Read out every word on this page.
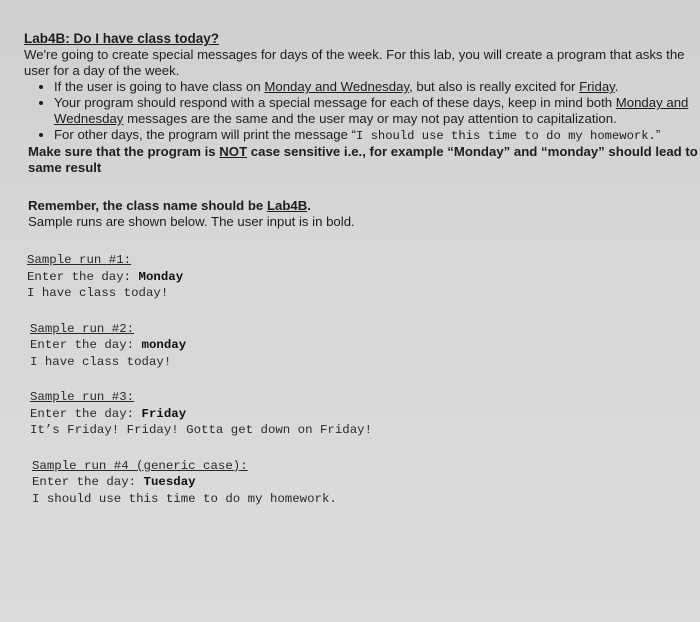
Lab4B: Do I have class today?

We're going to create special messages for days of the week. For this lab, you will create a program that asks the user for a day of the week.

• If the user is going to have class on Monday and Wednesday, but also is really excited for Friday.
• Your program should respond with a special message for each of these days, keep in mind both Monday and Wednesday messages are the same and the user may or may not pay attention to capitalization.
• For other days, the program will print the message “I should use this time to do my homework.”

Make sure that the program is NOT case sensitive i.e., for example “Monday” and “monday” should lead to same result

Remember, the class name should be Lab4B.

Sample runs are shown below. The user input is in bold.

Sample run #1:
Enter the day: Monday
I have class today!
Sample run #2:
Enter the day: monday
I have class today!
Sample run #3:
Enter the day: Friday
It’s Friday! Friday! Gotta get down on Friday!
Sample run #4 (generic case):
Enter the day: Tuesday
I should use this time to do my homework.
